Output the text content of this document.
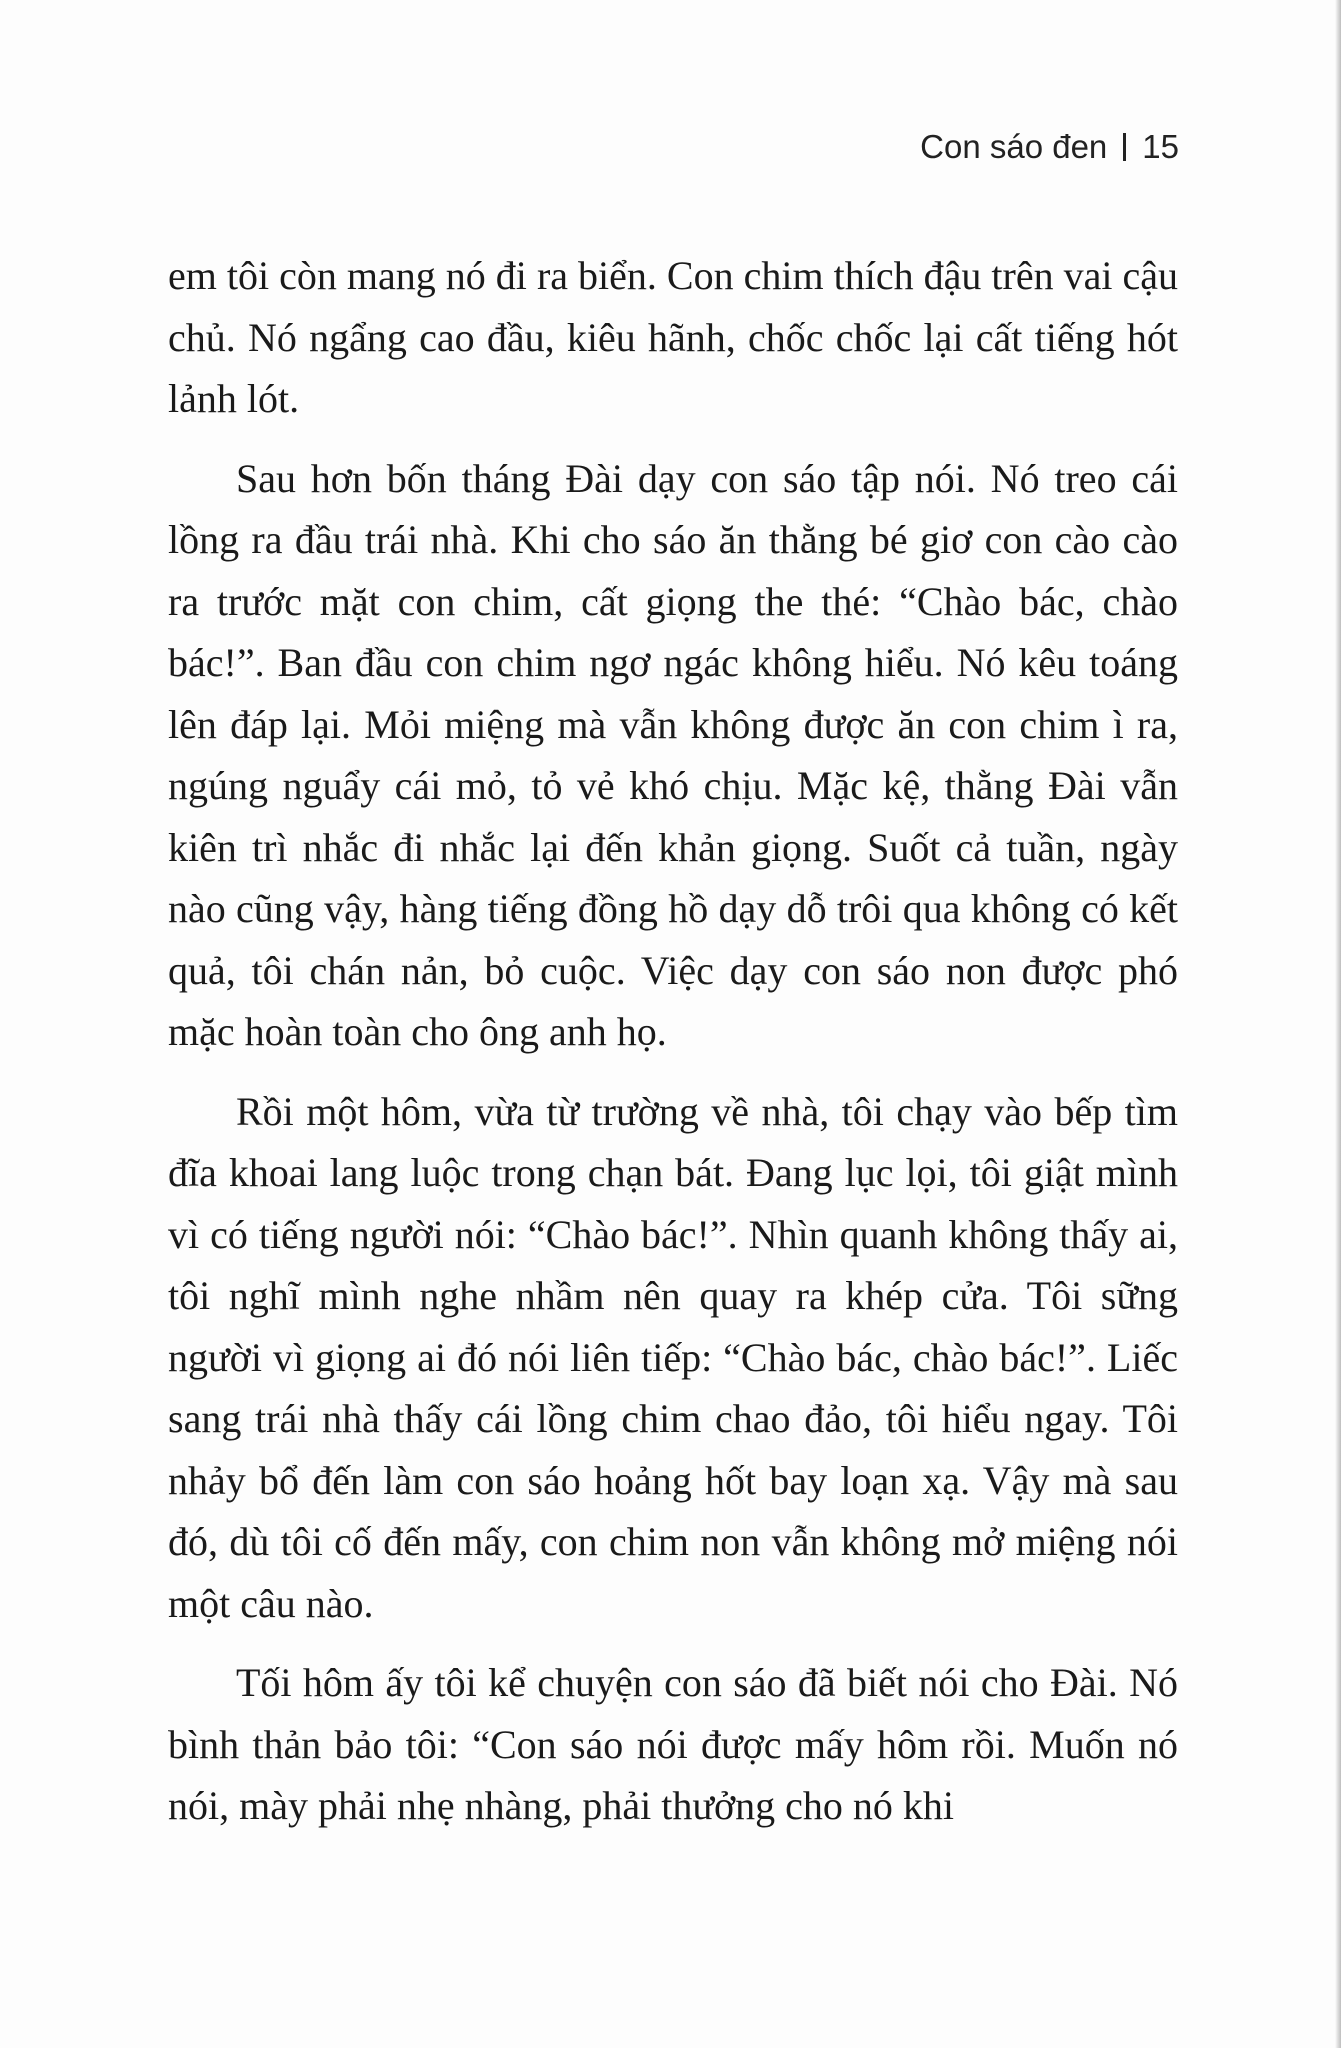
Con sáo đen 15

em tôi còn mang nó đi ra biển. Con chim thích đậu trên vai cậu chủ. Nó ngẩng cao đầu, kiêu hãnh, chốc chốc lại cất tiếng hót lảnh lót.

Sau hơn bốn tháng Đài dạy con sáo tập nói. Nó treo cái lồng ra đầu trái nhà. Khi cho sáo ăn thằng bé giơ con cào cào ra trước mặt con chim, cất giọng the thé: “Chào bác, chào bác!”. Ban đầu con chim ngơ ngác không hiểu. Nó kêu toáng lên đáp lại. Mỏi miệng mà vẫn không được ăn con chim ì ra, ngúng nguẩy cái mỏ, tỏ vẻ khó chịu. Mặc kệ, thằng Đài vẫn kiên trì nhắc đi nhắc lại đến khản giọng. Suốt cả tuần, ngày nào cũng vậy, hàng tiếng đồng hồ dạy dỗ trôi qua không có kết quả, tôi chán nản, bỏ cuộc. Việc dạy con sáo non được phó mặc hoàn toàn cho ông anh họ.

Rồi một hôm, vừa từ trường về nhà, tôi chạy vào bếp tìm đĩa khoai lang luộc trong chạn bát. Đang lục lọi, tôi giật mình vì có tiếng người nói: “Chào bác!”. Nhìn quanh không thấy ai, tôi nghĩ mình nghe nhầm nên quay ra khép cửa. Tôi sững người vì giọng ai đó nói liên tiếp: “Chào bác, chào bác!”. Liếc sang trái nhà thấy cái lồng chim chao đảo, tôi hiểu ngay. Tôi nhảy bổ đến làm con sáo hoảng hốt bay loạn xạ. Vậy mà sau đó, dù tôi cố đến mấy, con chim non vẫn không mở miệng nói một câu nào.

Tối hôm ấy tôi kể chuyện con sáo đã biết nói cho Đài. Nó bình thản bảo tôi: “Con sáo nói được mấy hôm rồi. Muốn nó nói, mày phải nhẹ nhàng, phải thưởng cho nó khi
